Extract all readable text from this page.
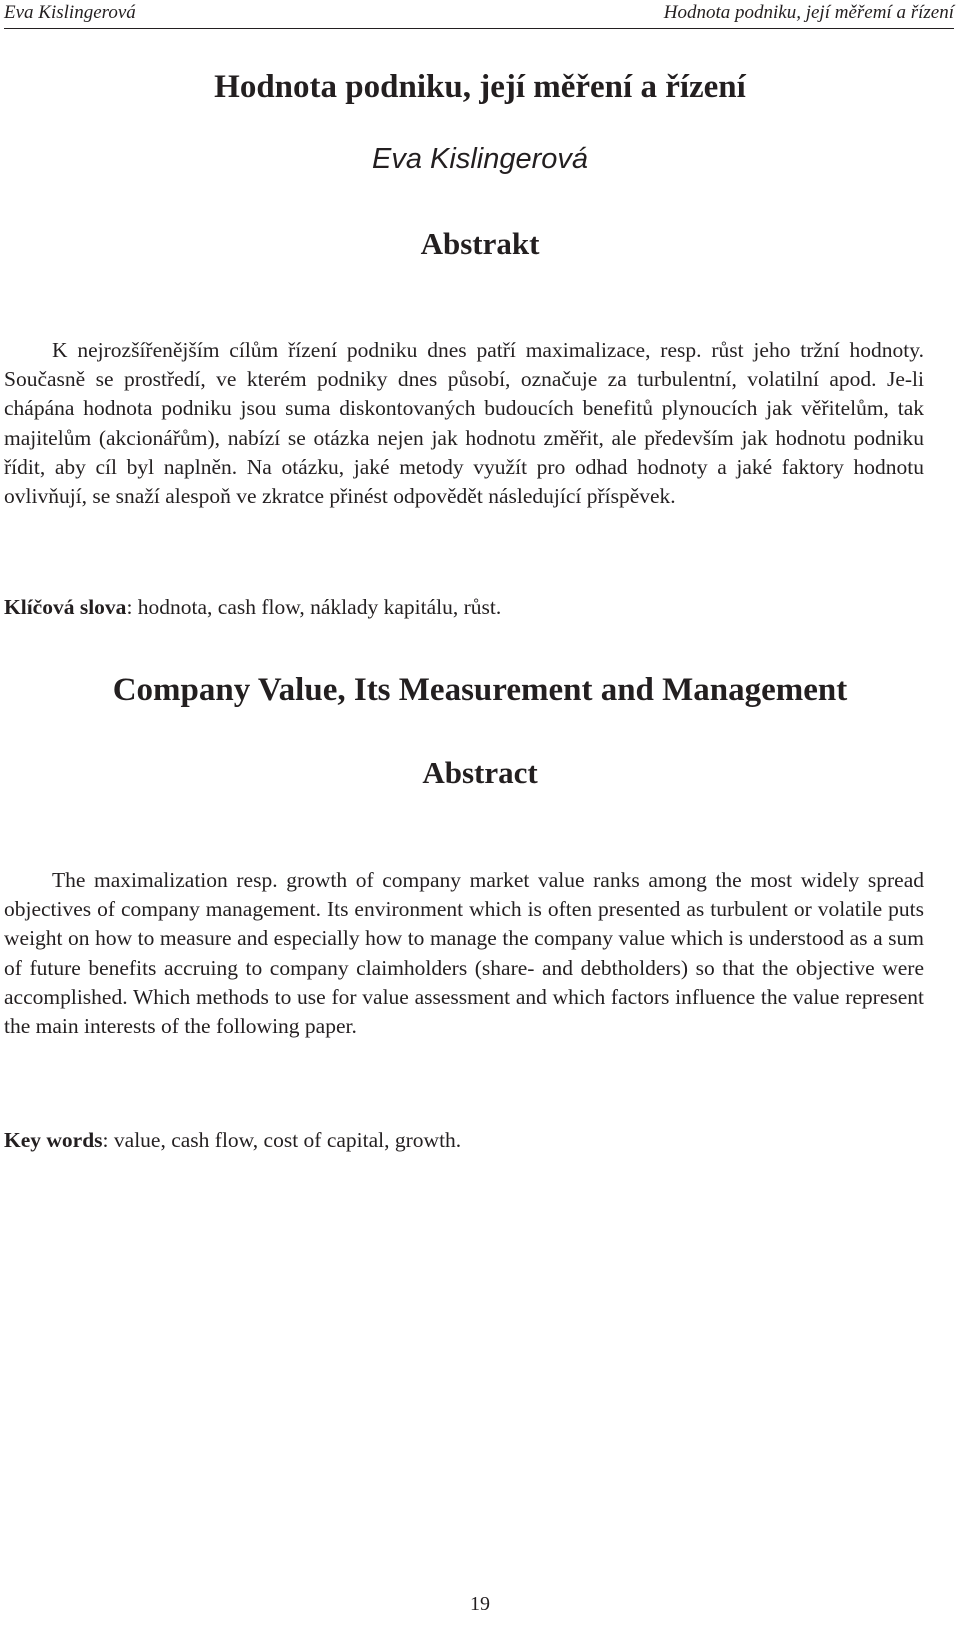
Eva Kislingerová	Hodnota podniku, její měřemí a řízení
Hodnota podniku, její měření a řízení
Eva Kislingerová
Abstrakt

K nejrozšířenějším cílům řízení podniku dnes patří maximalizace, resp. růst jeho tržní hodnoty. Současně se prostředí, ve kterém podniky dnes působí, označuje za turbulentní, volatilní apod. Je-li chápána hodnota podniku jsou suma diskontovaných budoucích benefitů plynoucích jak věřitelům, tak majitelům (akcionářům), nabízí se otázka nejen jak hodnotu změřit, ale především jak hodnotu podniku řídit, aby cíl byl naplněn. Na otázku, jaké metody využít pro odhad hodnoty a jaké faktory hodnotu ovlivňují, se snaží alespoň ve zkratce přinést odpovědět následující příspěvek.

Klíčová slova: hodnota, cash flow, náklady kapitálu, růst.
Company Value, Its Measurement and Management
Abstract

The maximalization resp. growth of company market value ranks among the most widely spread objectives of company management. Its environment which is often presented as turbulent or volatile puts weight on how to measure and especially how to manage the company value which is understood as a sum of future benefits accruing to company claimholders (share- and debtholders) so that the objective were accomplished. Which methods to use for value assessment and which factors influence the value represent the main interests of the following paper.

Key words: value, cash flow, cost of capital, growth.
19
